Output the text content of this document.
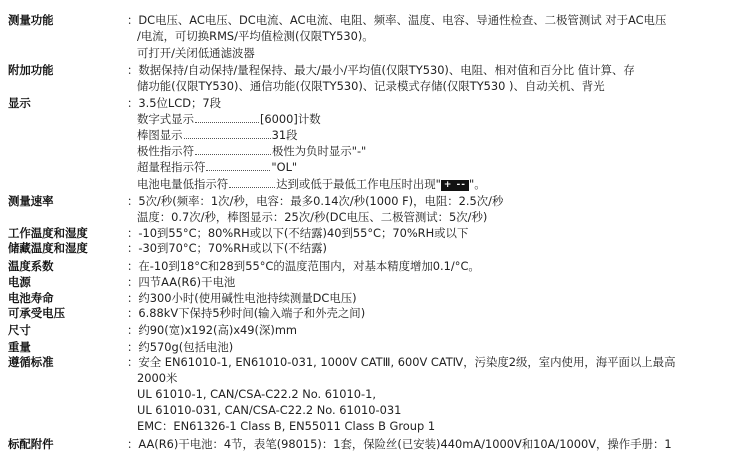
测量功能	：DC电压、AC电压、DC电流、AC电流、电阻、频率、温度、电容、导通性检查、二极管测试 对于AC电压
/电流，可切换RMS/平均值检测(仅限TY530)。
可打开/关闭低通滤波器
附加功能	：数据保持/自动保持/量程保持、最大/最小/平均值(仅限TY530)、电阻、相对值和百分比 值计算、存
储功能(仅限TY530)、通信功能(仅限TY530)、记录模式存储(仅限TY530 )、自动关机、背光
显示	：3.5位LCD；7段
数字式显示	[6000]计数
棒图显示	31段
极性指示符	极性为负时显示"-"
超量程指示符	"OL"
电池电量低指示符	达到或低于最低工作电压时出现" + -- "。
测量速率	：5次/秒(频率：1次/秒，电容：最多0.14次/秒(1000 F)，电阻：2.5次/秒
温度：0.7次/秒，棒图显示：25次/秒(DC电压、二极管测试：5次/秒)
工作温度和湿度	：-10到55°C；80%RH或以下(不结露)40到55°C；70%RH或以下
储藏温度和湿度	：-30到70°C；70%RH或以下(不结露)
温度系数	：在-10到18°C和28到55°C的温度范围内，对基本精度增加0.1/°C。
电源	：四节AA(R6)干电池
电池寿命	：约300小时(使用碱性电池持续测量DC电压)
可承受电压	：6.88kV下保持5秒时间(输入端子和外壳之间)
尺寸	：约90(宽)x192(高)x49(深)mm
重量	：约570g(包括电池)
遵循标准	：安全 EN61010-1, EN61010-031, 1000V CATⅢ, 600V CATⅣ，污染度2级，室内使用，海平面以上最高
2000米
UL 61010-1, CAN/CSA-C22.2 No. 61010-1,
UL 61010-031, CAN/CSA-C22.2 No. 61010-031
EMC：EN61326-1 Class B, EN55011 Class B Group 1
标配附件	：AA(R6)干电池：4节，表笔(98015)：1套，保险丝(已安装)440mA/1000V和10A/1000V，操作手册：1
